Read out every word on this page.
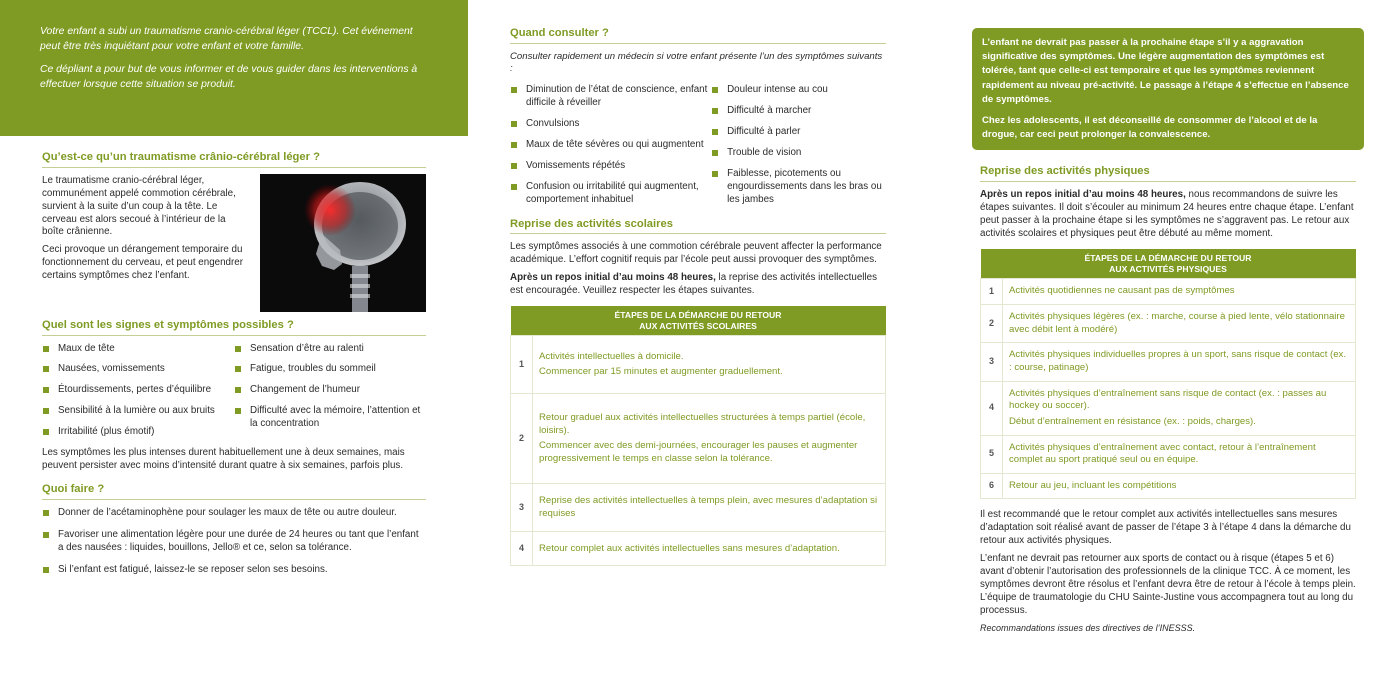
Votre enfant a subi un traumatisme cranio-cérébral léger (TCCL). Cet événement peut être très inquiétant pour votre enfant et votre famille.

Ce dépliant a pour but de vous informer et de vous guider dans les interventions à effectuer lorsque cette situation se produit.

Qu’est-ce qu’un traumatisme crânio-cérébral léger ?

Le traumatisme cranio-cérébral léger, communément appelé commotion cérébrale, survient à la suite d’un coup à la tête. Le cerveau est alors secoué à l’intérieur de la boîte crânienne.

Ceci provoque un dérangement temporaire du fonctionnement du cerveau, et peut engendrer certains symptômes chez l’enfant.

Quel sont les signes et symptômes possibles ?
Maux de tête
Nausées, vomissements
Étourdissements, pertes d’équilibre
Sensibilité à la lumière ou aux bruits
Irritabilité (plus émotif)
Sensation d’être au ralenti
Fatigue, troubles du sommeil
Changement de l’humeur
Difficulté avec la mémoire, l’attention et la concentration

Les symptômes les plus intenses durent habituellement une à deux semaines, mais peuvent persister avec moins d’intensité durant quatre à six semaines, parfois plus.

Quoi faire ?
Donner de l’acétaminophène pour soulager les maux de tête ou autre douleur.
Favoriser une alimentation légère pour une durée de 24 heures ou tant que l’enfant a des nausées : liquides, bouillons, Jello® et ce, selon sa tolérance.
Si l’enfant est fatigué, laissez-le se reposer selon ses besoins.
Quand consulter ?

Consulter rapidement un médecin si votre enfant présente l’un des symptômes suivants :

Diminution de l’état de conscience, enfant difficile à réveiller
Convulsions
Maux de tête sévères ou qui augmentent
Vomissements répétés
Confusion ou irritabilité qui augmentent, comportement inhabituel
Douleur intense au cou
Difficulté à marcher
Difficulté à parler
Trouble de vision
Faiblesse, picotements ou engourdissements dans les bras ou les jambes
Reprise des activités scolaires

Les symptômes associés à une commotion cérébrale peuvent affecter la performance académique. L’effort cognitif requis par l’école peut aussi provoquer des symptômes.

Après un repos initial d’au moins 48 heures, la reprise des activités intellectuelles est encouragée. Veuillez respecter les étapes suivantes.

ÉTAPES DE LA DÉMARCHE DU RETOUR
AUX ACTIVITÉS SCOLAIRES	
1	Activités intellectuelles à domicile.

Commencer par 15 minutes et augmenter graduellement.

2	Retour graduel aux activités intellectuelles structurées à temps partiel (école, loisirs).

Commencer avec des demi-journées, encourager les pauses et augmenter progressivement le temps en classe selon la tolérance.

3	Reprise des activités intellectuelles à temps plein, avec mesures d’adaptation si requises

4	Retour complet aux activités intellectuelles sans mesures d’adaptation.

L’enfant ne devrait pas passer à la prochaine étape s’il y a aggravation significative des symptômes. Une légère augmentation des symptômes est tolérée, tant que celle-ci est temporaire et que les symptômes reviennent rapidement au niveau pré-activité. Le passage à l’étape 4 s’effectue en l’absence de symptômes.

Chez les adolescents, il est déconseillé de consommer de l’alcool et de la drogue, car ceci peut prolonger la convalescence.

Reprise des activités physiques

Après un repos initial d’au moins 48 heures, nous recommandons de suivre les étapes suivantes. Il doit s’écouler au minimum 24 heures entre chaque étape. L’enfant peut passer à la prochaine étape si les symptômes ne s’aggravent pas. Le retour aux activités scolaires et physiques peut être débuté au même moment.

ÉTAPES DE LA DÉMARCHE DU RETOUR
AUX ACTIVITÉS PHYSIQUES	
1	Activités quotidiennes ne causant pas de symptômes

2	Activités physiques légères (ex. : marche, course à pied lente, vélo stationnaire avec débit lent à modéré)

3	Activités physiques individuelles propres à un sport, sans risque de contact (ex. : course, patinage)

4	Activités physiques d’entraînement sans risque de contact (ex. : passes au hockey ou soccer).

Début d’entraînement en résistance (ex. : poids, charges).

5	Activités physiques d’entraînement avec contact, retour à l’entraînement complet au sport pratiqué seul ou en équipe.

6	Retour au jeu, incluant les compétitions

Il est recommandé que le retour complet aux activités intellectuelles sans mesures d’adaptation soit réalisé avant de passer de l’étape 3 à l’étape 4 dans la démarche du retour aux activités physiques.

L’enfant ne devrait pas retourner aux sports de contact ou à risque (étapes 5 et 6) avant d’obtenir l’autorisation des professionnels de la clinique TCC. À ce moment, les symptômes devront être résolus et l’enfant devra être de retour à l’école à temps plein. L’équipe de traumatologie du CHU Sainte-Justine vous accompagnera tout au long du processus.

Recommandations issues des directives de l’INESSS.
